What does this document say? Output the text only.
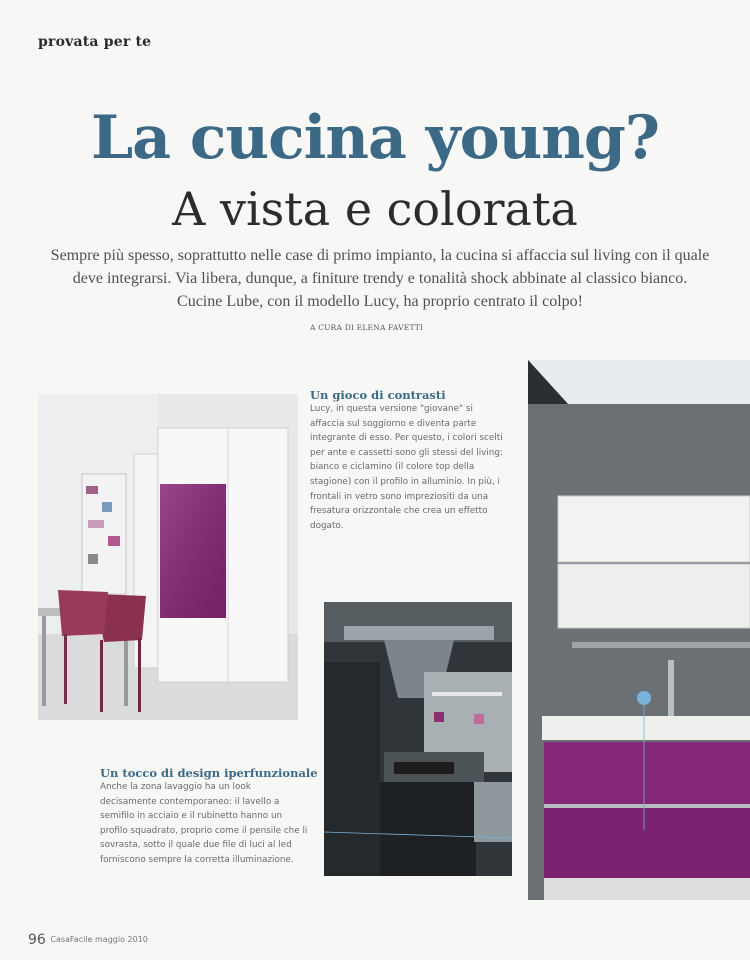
provata per te
La cucina young?
A vista e colorata
Sempre più spesso, soprattutto nelle case di primo impianto, la cucina si affaccia sul living con il quale deve integrarsi. Via libera, dunque, a finiture trendy e tonalità shock abbinate al classico bianco. Cucine Lube, con il modello Lucy, ha proprio centrato il colpo!
A CURA DI ELENA FAVETTI
Un gioco di contrasti
Lucy, in questa versione "giovane" si affaccia sul soggiorno e diventa parte integrante di esso. Per questo, i colori scelti per ante e cassetti sono gli stessi del living: bianco e ciclamino (il colore top della stagione) con il profilo in alluminio. In più, i frontali in vetro sono impreziositi da una fresatura orizzontale che crea un effetto dogato.
Un tocco di design iperfunzionale
Anche la zona lavaggio ha un look decisamente contemporaneo: il lavello a semifilo in acciaio e il rubinetto hanno un profilo squadrato, proprio come il pensile che li sovrasta, sotto il quale due file di luci al led forniscono sempre la corretta illuminazione.
96 CasaFacile maggio 2010
